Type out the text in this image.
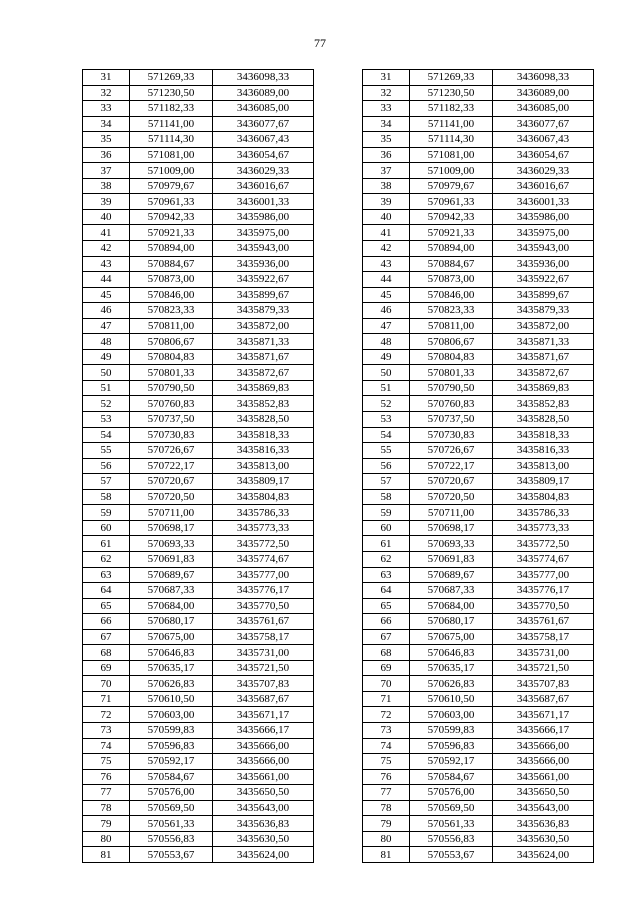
77
31	571269,33	3436098,33		31	571269,33	3436098,33
32	571230,50	3436089,00		32	571230,50	3436089,00
33	571182,33	3436085,00		33	571182,33	3436085,00
34	571141,00	3436077,67		34	571141,00	3436077,67
35	571114,30	3436067,43		35	571114,30	3436067,43
36	571081,00	3436054,67		36	571081,00	3436054,67
37	571009,00	3436029,33		37	571009,00	3436029,33
38	570979,67	3436016,67		38	570979,67	3436016,67
39	570961,33	3436001,33		39	570961,33	3436001,33
40	570942,33	3435986,00		40	570942,33	3435986,00
41	570921,33	3435975,00		41	570921,33	3435975,00
42	570894,00	3435943,00		42	570894,00	3435943,00
43	570884,67	3435936,00		43	570884,67	3435936,00
44	570873,00	3435922,67		44	570873,00	3435922,67
45	570846,00	3435899,67		45	570846,00	3435899,67
46	570823,33	3435879,33		46	570823,33	3435879,33
47	570811,00	3435872,00		47	570811,00	3435872,00
48	570806,67	3435871,33		48	570806,67	3435871,33
49	570804,83	3435871,67		49	570804,83	3435871,67
50	570801,33	3435872,67		50	570801,33	3435872,67
51	570790,50	3435869,83		51	570790,50	3435869,83
52	570760,83	3435852,83		52	570760,83	3435852,83
53	570737,50	3435828,50		53	570737,50	3435828,50
54	570730,83	3435818,33		54	570730,83	3435818,33
55	570726,67	3435816,33		55	570726,67	3435816,33
56	570722,17	3435813,00		56	570722,17	3435813,00
57	570720,67	3435809,17		57	570720,67	3435809,17
58	570720,50	3435804,83		58	570720,50	3435804,83
59	570711,00	3435786,33		59	570711,00	3435786,33
60	570698,17	3435773,33		60	570698,17	3435773,33
61	570693,33	3435772,50		61	570693,33	3435772,50
62	570691,83	3435774,67		62	570691,83	3435774,67
63	570689,67	3435777,00		63	570689,67	3435777,00
64	570687,33	3435776,17		64	570687,33	3435776,17
65	570684,00	3435770,50		65	570684,00	3435770,50
66	570680,17	3435761,67		66	570680,17	3435761,67
67	570675,00	3435758,17		67	570675,00	3435758,17
68	570646,83	3435731,00		68	570646,83	3435731,00
69	570635,17	3435721,50		69	570635,17	3435721,50
70	570626,83	3435707,83		70	570626,83	3435707,83
71	570610,50	3435687,67		71	570610,50	3435687,67
72	570603,00	3435671,17		72	570603,00	3435671,17
73	570599,83	3435666,17		73	570599,83	3435666,17
74	570596,83	3435666,00		74	570596,83	3435666,00
75	570592,17	3435666,00		75	570592,17	3435666,00
76	570584,67	3435661,00		76	570584,67	3435661,00
77	570576,00	3435650,50		77	570576,00	3435650,50
78	570569,50	3435643,00		78	570569,50	3435643,00
79	570561,33	3435636,83		79	570561,33	3435636,83
80	570556,83	3435630,50		80	570556,83	3435630,50
81	570553,67	3435624,00		81	570553,67	3435624,00
